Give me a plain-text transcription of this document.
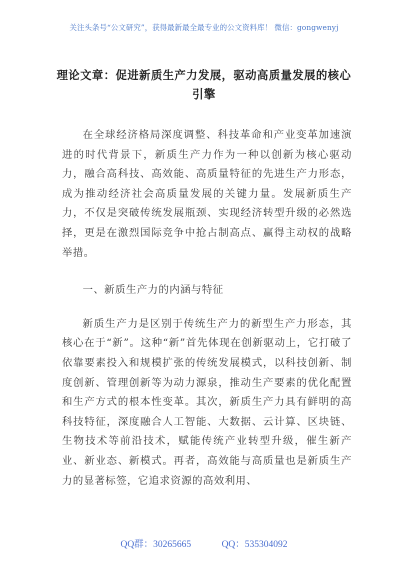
关注头条号“公文研究”，获得最新最全最专业的公文资料库！ 微信：gongwenyj
理论文章：促进新质生产力发展，驱动高质量发展的核心引擎

在全球经济格局深度调整、科技革命和产业变革加速演进的时代背景下，新质生产力作为一种以创新为核心驱动力，融合高科技、高效能、高质量特征的先进生产力形态，成为推动经济社会高质量发展的关键力量。发展新质生产力，不仅是突破传统发展瓶颈、实现经济转型升级的必然选择，更是在激烈国际竞争中抢占制高点、赢得主动权的战略举措。

一、新质生产力的内涵与特征

新质生产力是区别于传统生产力的新型生产力形态，其核心在于“新”。这种“新”首先体现在创新驱动上，它打破了依靠要素投入和规模扩张的传统发展模式，以科技创新、制度创新、管理创新等为动力源泉，推动生产要素的优化配置和生产方式的根本性变革。其次，新质生产力具有鲜明的高科技特征，深度融合人工智能、大数据、云计算、区块链、生物技术等前沿技术，赋能传统产业转型升级，催生新产业、新业态、新模式。再者，高效能与高质量也是新质生产力的显著标签，它追求资源的高效利用、

QQ群：30265665	QQ：535304092
